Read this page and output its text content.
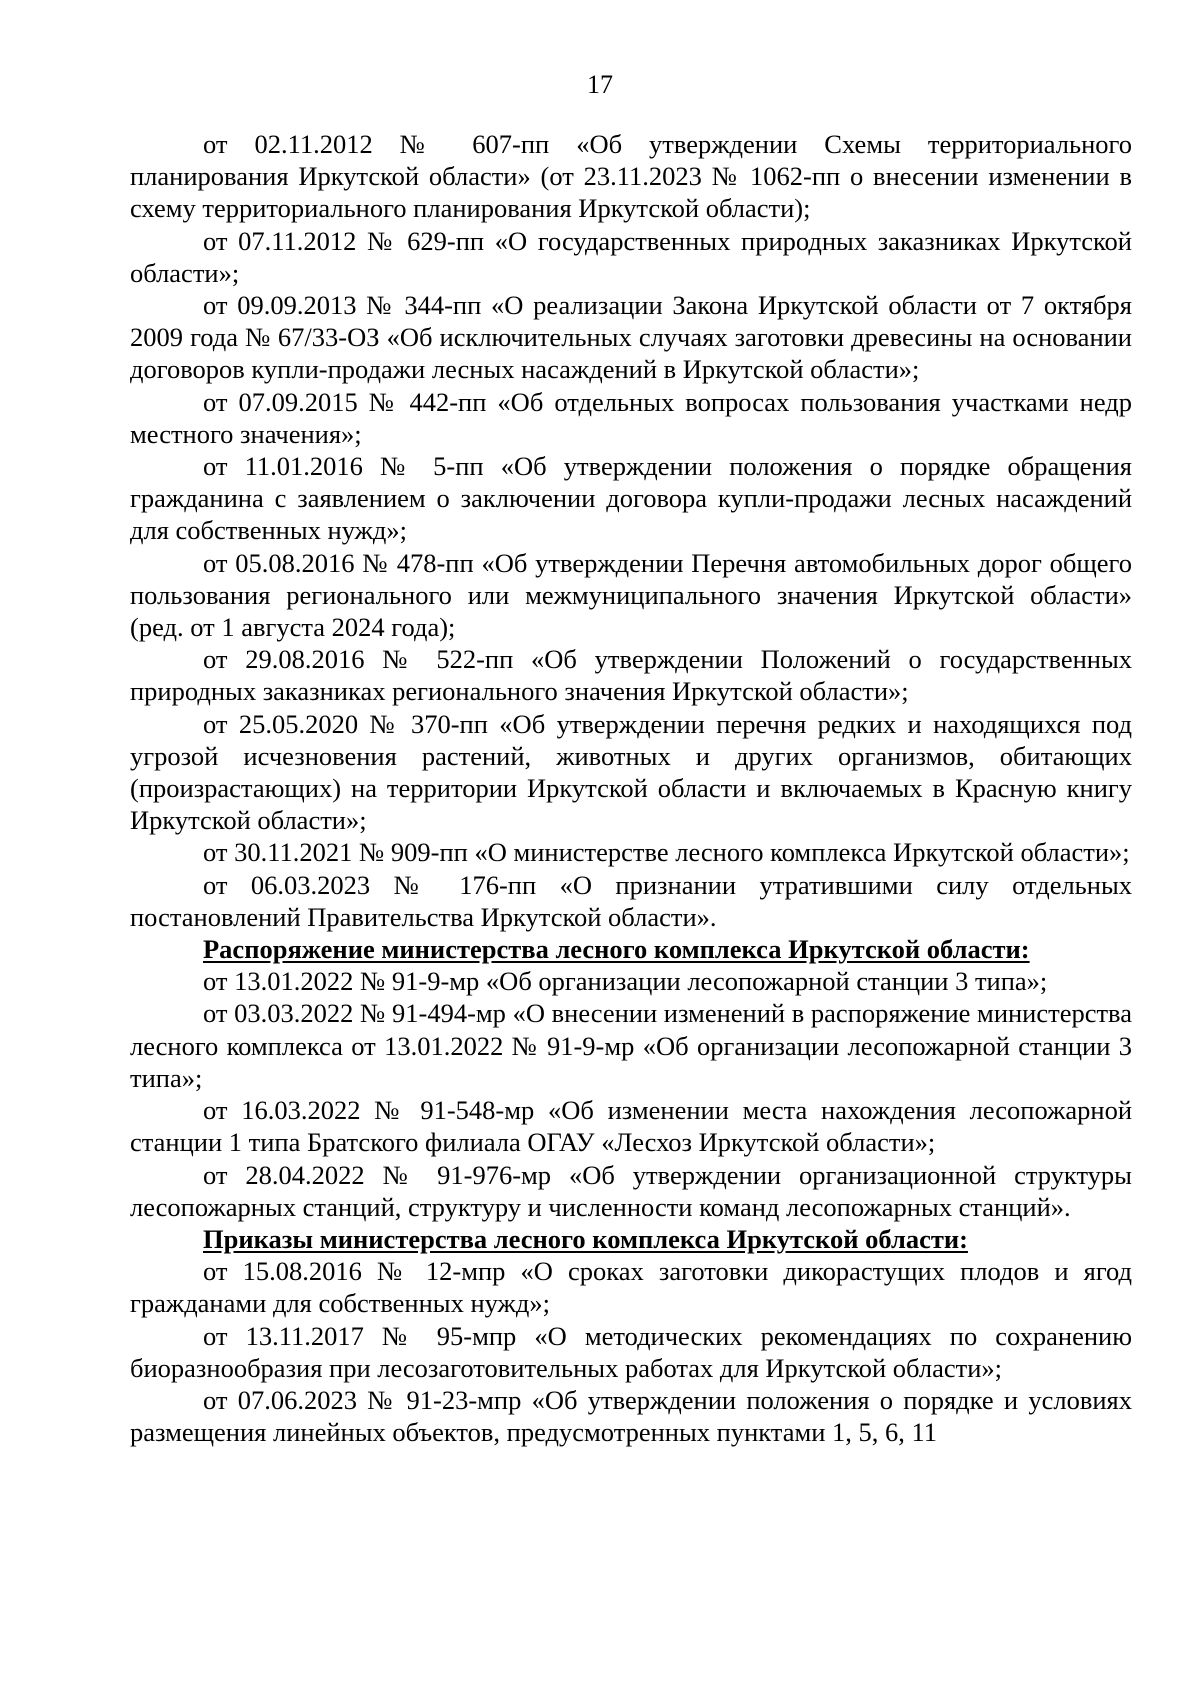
17

от 02.11.2012 № 607-пп «Об утверждении Схемы территориального планирования Иркутской области» (от 23.11.2023 № 1062-пп о внесении изменении в схему территориального планирования Иркутской области);

от 07.11.2012 № 629-пп «О государственных природных заказниках Иркутской области»;

от 09.09.2013 № 344-пп «О реализации Закона Иркутской области от 7 октября 2009 года № 67/33-ОЗ «Об исключительных случаях заготовки древесины на основании договоров купли-продажи лесных насаждений в Иркутской области»;

от 07.09.2015 № 442-пп «Об отдельных вопросах пользования участками недр местного значения»;

от 11.01.2016 № 5-пп «Об утверждении положения о порядке обращения гражданина с заявлением о заключении договора купли-продажи лесных насаждений для собственных нужд»;

от 05.08.2016 № 478-пп «Об утверждении Перечня автомобильных дорог общего пользования регионального или межмуниципального значения Иркутской области» (ред. от 1 августа 2024 года);

от 29.08.2016 № 522-пп «Об утверждении Положений о государственных природных заказниках регионального значения Иркутской области»;

от 25.05.2020 № 370-пп «Об утверждении перечня редких и находящихся под угрозой исчезновения растений, животных и других организмов, обитающих (произрастающих) на территории Иркутской области и включаемых в Красную книгу Иркутской области»;

от 30.11.2021 № 909-пп «О министерстве лесного комплекса Иркутской области»;

от 06.03.2023 № 176-пп «О признании утратившими силу отдельных постановлений Правительства Иркутской области».

Распоряжение министерства лесного комплекса Иркутской области:

от 13.01.2022 № 91-9-мр «Об организации лесопожарной станции 3 типа»;

от 03.03.2022 № 91-494-мр «О внесении изменений в распоряжение министерства лесного комплекса от 13.01.2022 № 91-9-мр «Об организации лесопожарной станции 3 типа»;

от 16.03.2022 № 91-548-мр «Об изменении места нахождения лесопожарной станции 1 типа Братского филиала ОГАУ «Лесхоз Иркутской области»;

от 28.04.2022 № 91-976-мр «Об утверждении организационной структуры лесопожарных станций, структуру и численности команд лесопожарных станций».

Приказы министерства лесного комплекса Иркутской области:

от 15.08.2016 № 12-мпр «О сроках заготовки дикорастущих плодов и ягод гражданами для собственных нужд»;

от 13.11.2017 № 95-мпр «О методических рекомендациях по сохранению биоразнообразия при лесозаготовительных работах для Иркутской области»;

от 07.06.2023 № 91-23-мпр «Об утверждении положения о порядке и условиях размещения линейных объектов, предусмотренных пунктами 1, 5, 6, 11
